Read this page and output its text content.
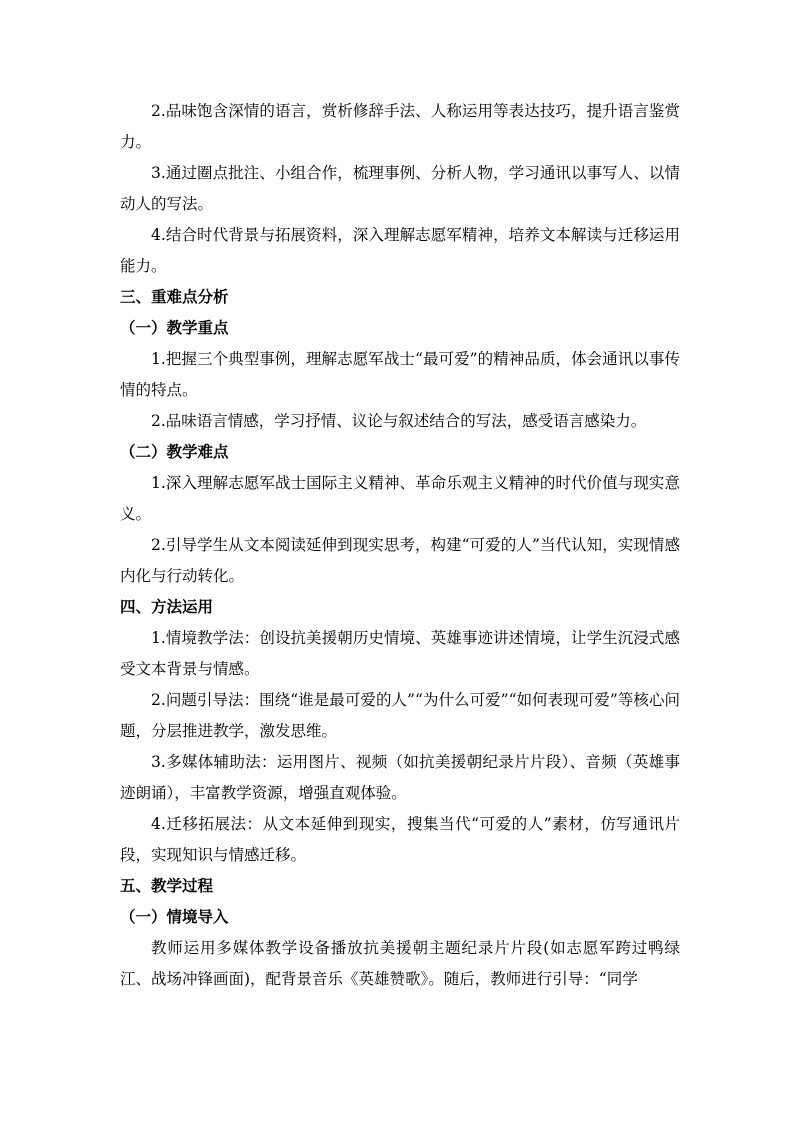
2.品味饱含深情的语言，赏析修辞手法、人称运用等表达技巧，提升语言鉴赏力。

3.通过圈点批注、小组合作，梳理事例、分析人物，学习通讯以事写人、以情动人的写法。

4.结合时代背景与拓展资料，深入理解志愿军精神，培养文本解读与迁移运用能力。

三、重难点分析

（一）教学重点

1.把握三个典型事例，理解志愿军战士“最可爱”的精神品质，体会通讯以事传情的特点。

2.品味语言情感，学习抒情、议论与叙述结合的写法，感受语言感染力。

（二）教学难点

1.深入理解志愿军战士国际主义精神、革命乐观主义精神的时代价值与现实意义。

2.引导学生从文本阅读延伸到现实思考，构建“可爱的人”当代认知，实现情感内化与行动转化。

四、方法运用

1.情境教学法：创设抗美援朝历史情境、英雄事迹讲述情境，让学生沉浸式感受文本背景与情感。

2.问题引导法：围绕“谁是最可爱的人”“为什么可爱”“如何表现可爱”等核心问题，分层推进教学，激发思维。

3.多媒体辅助法：运用图片、视频（如抗美援朝纪录片片段）、音频（英雄事迹朗诵），丰富教学资源，增强直观体验。

4.迁移拓展法：从文本延伸到现实，搜集当代“可爱的人”素材，仿写通讯片段，实现知识与情感迁移。

五、教学过程

（一）情境导入

教师运用多媒体教学设备播放抗美援朝主题纪录片片段(如志愿军跨过鸭绿江、战场冲锋画面)，配背景音乐《英雄赞歌》。随后，教师进行引导：“同学
